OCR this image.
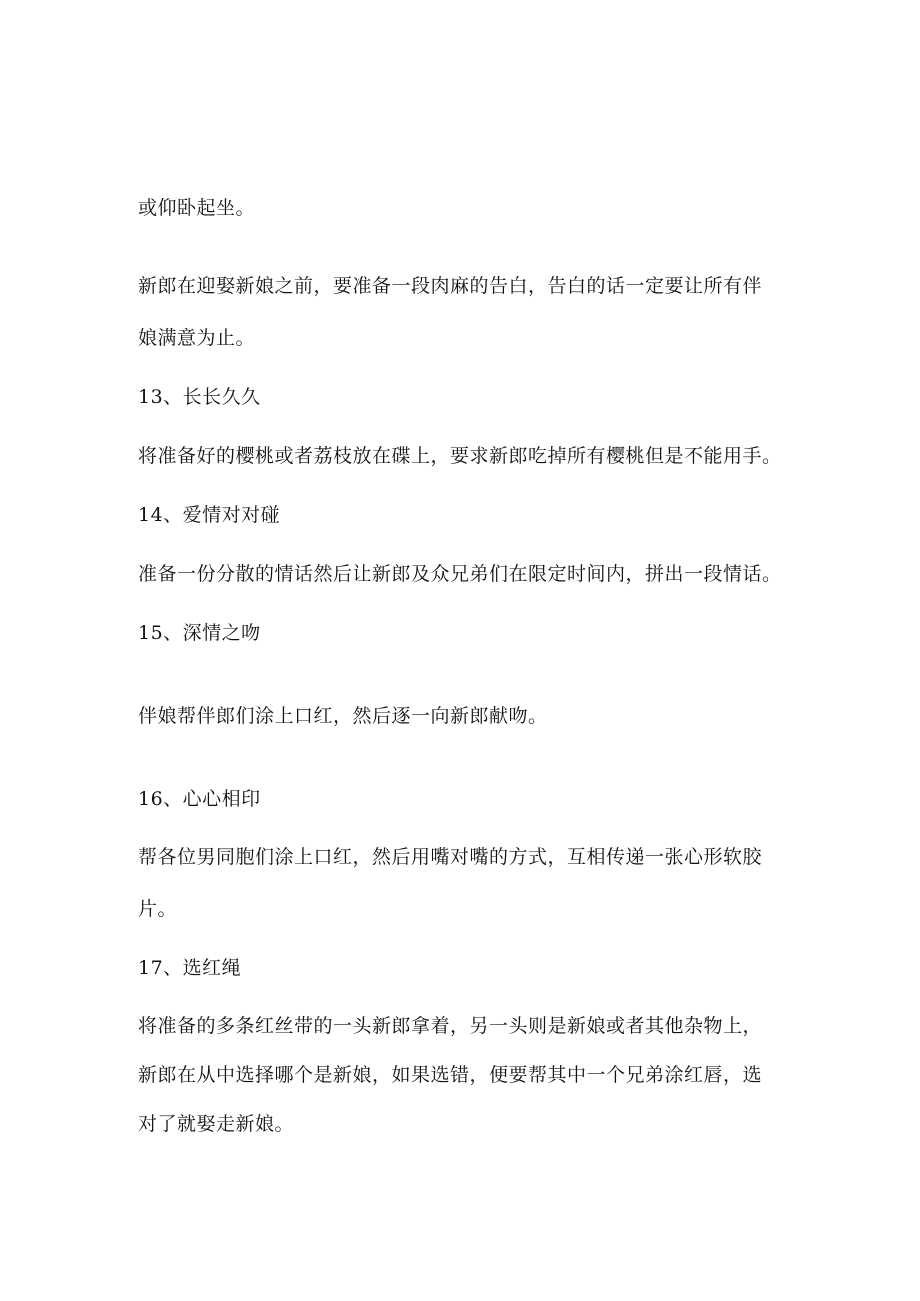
或仰卧起坐。
新郎在迎娶新娘之前，要准备一段肉麻的告白，告白的话一定要让所有伴
娘满意为止。
13、长长久久
将准备好的樱桃或者荔枝放在碟上，要求新郎吃掉所有樱桃但是不能用手。
14、爱情对对碰
准备一份分散的情话然后让新郎及众兄弟们在限定时间内，拼出一段情话。
15、深情之吻
伴娘帮伴郎们涂上口红，然后逐一向新郎献吻。
16、心心相印
帮各位男同胞们涂上口红，然后用嘴对嘴的方式，互相传递一张心形软胶
片。
17、选红绳
将准备的多条红丝带的一头新郎拿着，另一头则是新娘或者其他杂物上，
新郎在从中选择哪个是新娘，如果选错，便要帮其中一个兄弟涂红唇，选
对了就娶走新娘。
